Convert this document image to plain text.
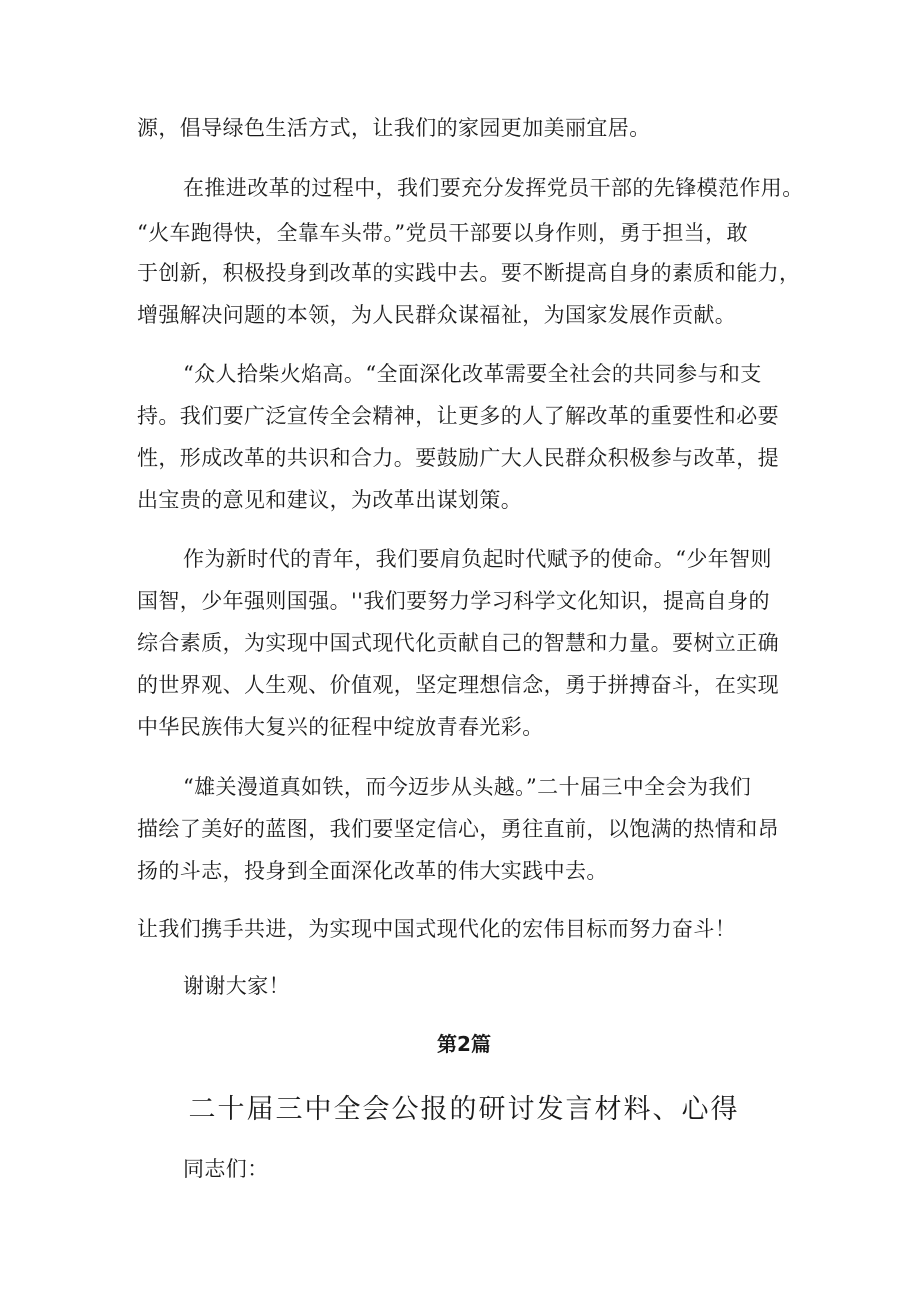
源，倡导绿色生活方式，让我们的家园更加美丽宜居。
在推进改革的过程中，我们要充分发挥党员干部的先锋模范作用。
“火车跑得快，全靠车头带。”党员干部要以身作则，勇于担当，敢
于创新，积极投身到改革的实践中去。要不断提高自身的素质和能力，
增强解决问题的本领，为人民群众谋福祉，为国家发展作贡献。
“众人拾柴火焰高。“全面深化改革需要全社会的共同参与和支
持。我们要广泛宣传全会精神，让更多的人了解改革的重要性和必要
性，形成改革的共识和合力。要鼓励广大人民群众积极参与改革，提
出宝贵的意见和建议，为改革出谋划策。
作为新时代的青年，我们要肩负起时代赋予的使命。“少年智则
国智，少年强则国强。''我们要努力学习科学文化知识，提高自身的
综合素质，为实现中国式现代化贡献自己的智慧和力量。要树立正确
的世界观、人生观、价值观，坚定理想信念，勇于拼搏奋斗，在实现
中华民族伟大复兴的征程中绽放青春光彩。
“雄关漫道真如铁，而今迈步从头越。”二十届三中全会为我们
描绘了美好的蓝图，我们要坚定信心，勇往直前，以饱满的热情和昂
扬的斗志，投身到全面深化改革的伟大实践中去。
让我们携手共进，为实现中国式现代化的宏伟目标而努力奋斗！
谢谢大家！
第2篇
二十届三中全会公报的研讨发言材料、心得
同志们：
